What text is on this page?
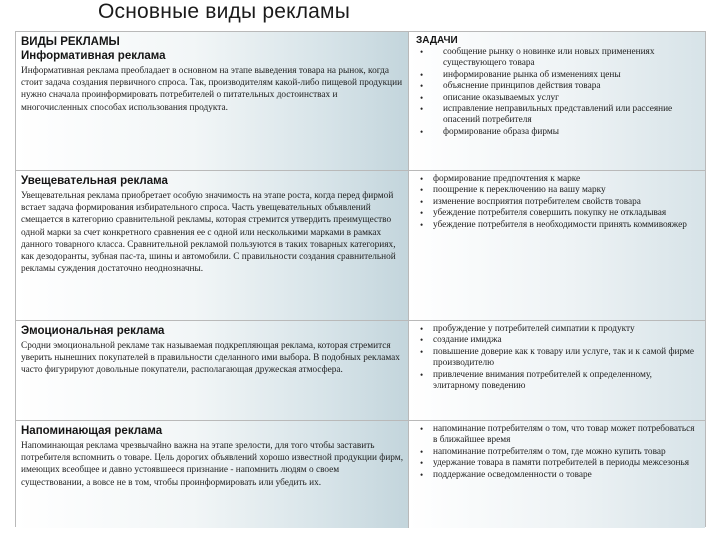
Основные виды рекламы
ВИДЫ РЕКЛАМЫ
Информативная реклама
Информативная реклама преобладает в основном на этапе выведения товара на рынок, когда стоит задача создания первичного спроса. Так, производителям какой-либо пищевой продукции нужно сначала проинформировать потребителей о питательных достоинствах и многочисленных способах использования продукта.
ЗАДАЧИ
• сообщение рынку о новинке или новых применениях существующего товара
• информирование рынка об изменениях цены
• объяснение принципов действия товара
• описание оказываемых услуг
• исправление неправильных представлений или рассеяние опасений потребителя
• формирование образа фирмы
Увещевательная реклама
Увещевательная реклама приобретает особую значимость на этапе роста, когда перед фирмой встает задача формирования избирательного спроса. Часть увещевательных объявлений смещается в категорию сравнительной рекламы, которая стремится утвердить преимущество одной марки за счет конкретного сравнения ее с одной или несколькими марками в рамках данного товарного класса. Сравнительной рекламой пользуются в таких товарных категориях, как дезодоранты, зубная пас-та, шины и автомобили. С правильности создания сравнительной рекламы суждения достаточно неоднозначны.
• формирование предпочтения к марке
• поощрение к переключению на вашу марку
• изменение восприятия потребителем свойств товара
• убеждение потребителя совершить покупку не откладывая
• убеждение потребителя в необходимости принять коммивояжер
Эмоциональная реклама
Сродни эмоциональной рекламе так называемая подкрепляющая реклама, которая стремится уверить нынешних покупателей в правильности сделанного ими выбора. В подобных рекламах часто фигурируют довольные покупатели, располагающая дружеская атмосфера.
• пробуждение у потребителей симпатии к продукту
• создание имиджа
• повышение доверие как к товару или услуге, так и к самой фирме производителю
• привлечение внимания потребителей к определенному, элитарному поведению
Напоминающая реклама
Напоминающая реклама чрезвычайно важна на этапе зрелости, для того чтобы заставить потребителя вспомнить о товаре. Цель дорогих объявлений хорошо известной продукции фирм, имеющих всеобщее и давно устоявшееся признание - напомнить людям о своем существовании, а вовсе не в том, чтобы проинформировать или убедить их.
• напоминание потребителям о том, что товар может потребоваться в ближайшее время
• напоминание потребителям о том, где можно купить товар
• удержание товара в памяти потребителей в периоды межсезонья
• поддержание осведомленности о товаре
